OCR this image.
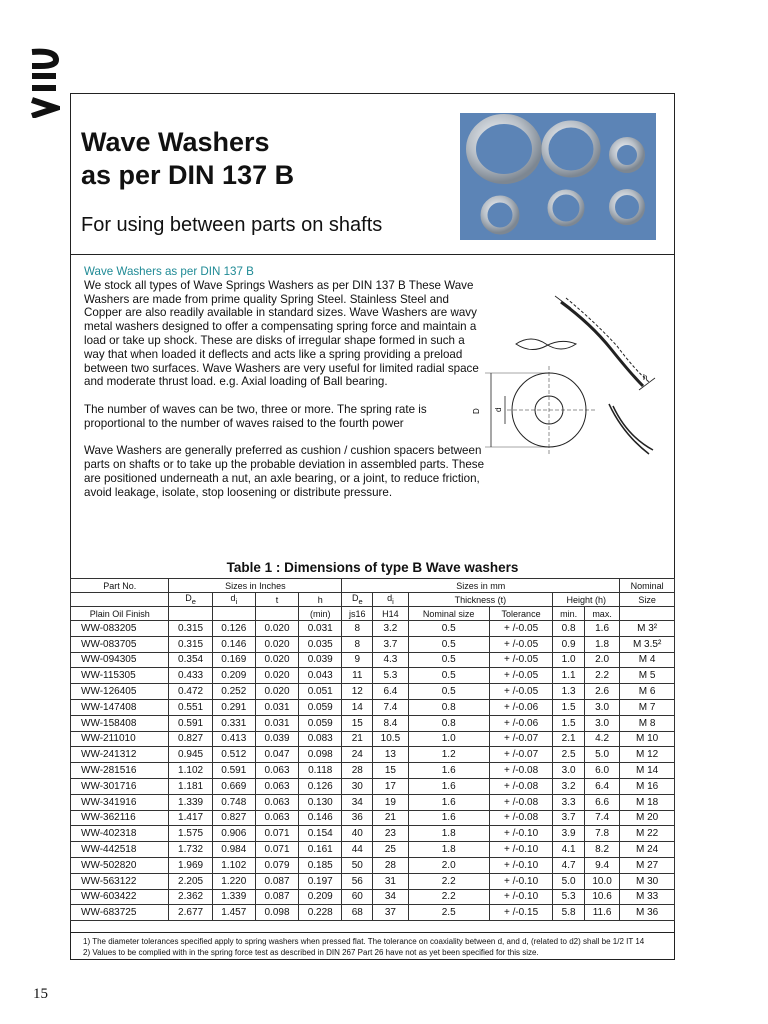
Wave Washers
as per DIN 137 B
For using between parts on shafts
Wave Washers as per DIN 137 B

We stock all types of Wave Springs Washers as per DIN 137 B These Wave Washers are made from prime quality Spring Steel. Stainless Steel and Copper are also readily available in standard sizes. Wave Washers are wavy metal washers designed to offer a compensating spring force and maintain a load or take up shock. These are disks of irregular shape formed in such a way that when loaded it deflects and acts like a spring providing a preload between two surfaces. Wave Washers are very useful for limited radial space and moderate thrust load. e.g. Axial loading of Ball bearing.

The number of waves can be two, three or more. The spring rate is proportional to the number of waves raised to the fourth power

Wave Washers are generally preferred as cushion / cushion spacers between parts on shafts or to take up the probable deviation in assembled parts. These are positioned underneath a nut, an axle bearing, or a joint, to reduce friction, avoid leakage, isolate, stop loosening or distribute pressure.

h
D d
Table 1 : Dimensions of type B Wave washers
Part No.	Sizes in Inches				Sizes in mm						Nominal
	$D_e$	$d_i$	t	h	$D_e$	$d_i$	Thickness (t)		Height (h)		Size
Plain Oil Finish				(min)	js16	H14	Nominal size	Tolerance	min.	max.	
WW-083205	0.315	0.126	0.020	0.031	8	3.2	0.5	+ /-0.05	0.8	1.6	M 3²
WW-083705	0.315	0.146	0.020	0.035	8	3.7	0.5	+ /-0.05	0.9	1.8	M 3.5²
WW-094305	0.354	0.169	0.020	0.039	9	4.3	0.5	+ /-0.05	1.0	2.0	M 4
WW-115305	0.433	0.209	0.020	0.043	11	5.3	0.5	+ /-0.05	1.1	2.2	M 5
WW-126405	0.472	0.252	0.020	0.051	12	6.4	0.5	+ /-0.05	1.3	2.6	M 6
WW-147408	0.551	0.291	0.031	0.059	14	7.4	0.8	+ /-0.06	1.5	3.0	M 7
WW-158408	0.591	0.331	0.031	0.059	15	8.4	0.8	+ /-0.06	1.5	3.0	M 8
WW-211010	0.827	0.413	0.039	0.083	21	10.5	1.0	+ /-0.07	2.1	4.2	M 10
WW-241312	0.945	0.512	0.047	0.098	24	13	1.2	+ /-0.07	2.5	5.0	M 12
WW-281516	1.102	0.591	0.063	0.118	28	15	1.6	+ /-0.08	3.0	6.0	M 14
WW-301716	1.181	0.669	0.063	0.126	30	17	1.6	+ /-0.08	3.2	6.4	M 16
WW-341916	1.339	0.748	0.063	0.130	34	19	1.6	+ /-0.08	3.3	6.6	M 18
WW-362116	1.417	0.827	0.063	0.146	36	21	1.6	+ /-0.08	3.7	7.4	M 20
WW-402318	1.575	0.906	0.071	0.154	40	23	1.8	+ /-0.10	3.9	7.8	M 22
WW-442518	1.732	0.984	0.071	0.161	44	25	1.8	+ /-0.10	4.1	8.2	M 24
WW-502820	1.969	1.102	0.079	0.185	50	28	2.0	+ /-0.10	4.7	9.4	M 27
WW-563122	2.205	1.220	0.087	0.197	56	31	2.2	+ /-0.10	5.0	10.0	M 30
WW-603422	2.362	1.339	0.087	0.209	60	34	2.2	+ /-0.10	5.3	10.6	M 33
WW-683725	2.677	1.457	0.098	0.228	68	37	2.5	+ /-0.15	5.8	11.6	M 36
1) The diameter tolerances specified apply to spring washers when pressed flat. The tolerance on coaxiality between d, and d, (related to d2) shall be 1/2 IT 14
2) Values to be complied with in the spring force test as described in DIN 267 Part 26 have not as yet been specified for this size.
15
